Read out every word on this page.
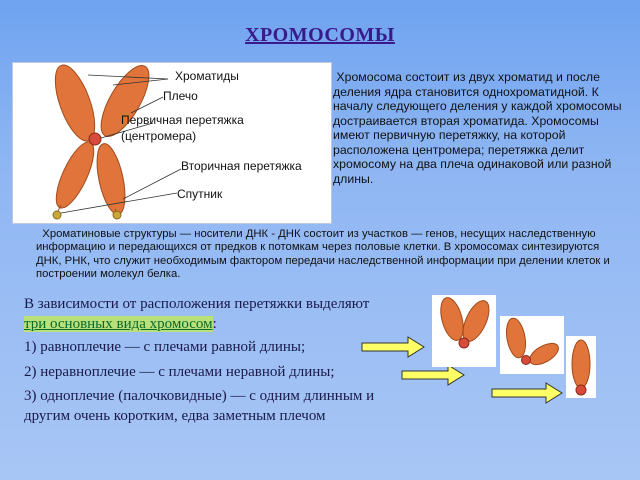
ХРОМОСОМЫ
Хроматиды
Плечо
Первичная перетяжка
(центромера)
Вторичная перетяжка
Спутник
Хромосома состоит из двух хроматид и после деления ядра становится однохроматидной. К началу следующего деления у каждой хромосомы достраивается вторая хроматида. Хромосомы имеют первичную перетяжку, на которой расположена центромера; перетяжка делит хромосому на два плеча одинаковой или разной длины.
Хроматиновые структуры — носители ДНК - ДНК состоит из участков — генов, несущих наследственную информацию и передающихся от предков к потомкам через половые клетки. В хромосомах синтезируются ДНК, РНК, что служит необходимым фактором передачи наследственной информации при делении клеток и построении молекул белка.
В зависимости от расположения перетяжки выделяют три основных вида хромосом:
1) равноплечие — с плечами равной длины;
2) неравноплечие — с плечами неравной длины;
3) одноплечие (палочковидные) — с одним длинным и другим очень коротким, едва заметным плечом
